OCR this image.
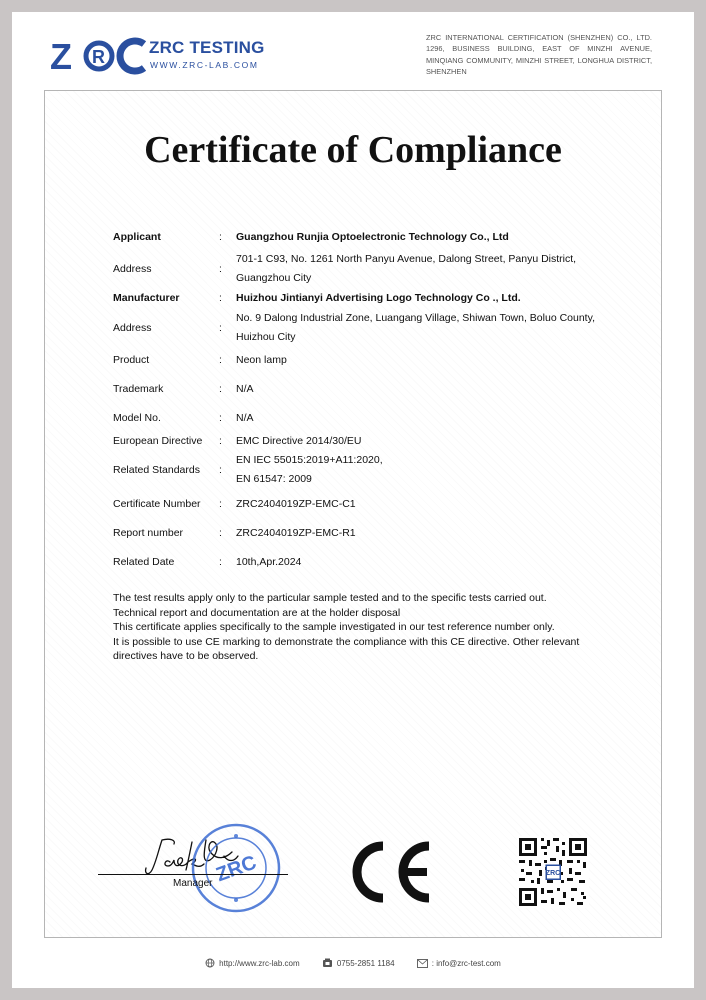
Z R	ZRC TESTING
WWW.ZRC-LAB.COM
ZRC INTERNATIONAL CERTIFICATION (SHENZHEN) CO., LTD. 1296, BUSINESS BUILDING, EAST OF MINZHI AVENUE, MINQIANG COMMUNITY, MINZHI STREET, LONGHUA DISTRICT, SHENZHEN
Certificate of Compliance
Applicant	: Guangzhou Runjia Optoelectronic Technology Co., Ltd
Address	:
701-1 C93, No. 1261 North Panyu Avenue, Dalong Street, Panyu District, Guangzhou City
Manufacturer	: Huizhou Jintianyi Advertising Logo Technology Co ., Ltd.
Address	:
No. 9 Dalong Industrial Zone, Luangang Village, Shiwan Town, Boluo County, Huizhou City
Product	: Neon lamp
Trademark	: N/A
Model No.	: N/A
European Directive : EMC Directive 2014/30/EU
Related Standards :
EN IEC 55015:2019+A11:2020,
EN 61547: 2009
Certificate Number : ZRC2404019ZP-EMC-C1
Report number	: ZRC2404019ZP-EMC-R1
Related Date	: 10th,Apr.2024

The test results apply only to the particular sample tested and to the specific tests carried out.

Technical report and documentation are at the holder disposal

This certificate applies specifically to the sample investigated in our test reference number only.

It is possible to use CE marking to demonstrate the compliance with this CE directive. Other relevant directives have to be observed.

ZRC
Manager
ZRC
http://www.zrc-lab.com	0755-2851 1184	: info@zrc-test.com
